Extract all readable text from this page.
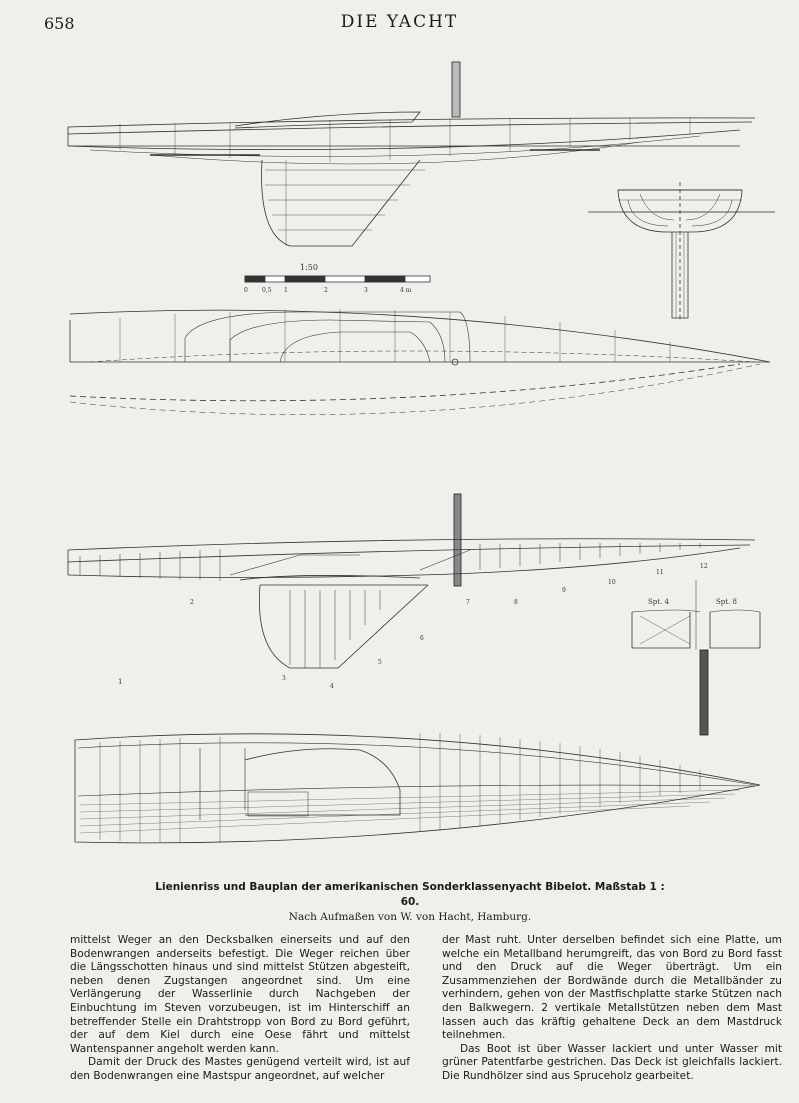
658	DIE YACHT
1:50
0 0,5 1	2	3	4 m
Spt. 4	Spt. 8
1
2
3
4
5
6
7	8
9
10
11
12
Lienienriss und Bauplan der amerikanischen Sonderklassenyacht Bibelot. Maßstab 1 : 60.
Nach Aufmaßen von W. von Hacht, Hamburg.

mittelst Weger an den Decksbalken einerseits und auf den Bodenwrangen anderseits befestigt. Die Weger reichen über die Längsschotten hinaus und sind mittelst Stützen abgesteift, neben denen Zugstangen angeordnet sind. Um eine Verlängerung der Wasserlinie durch Nachgeben der Einbuchtung im Steven vorzubeugen, ist im Hinterschiff an betreffender Stelle ein Drahtstropp von Bord zu Bord geführt, der auf dem Kiel durch eine Oese fährt und mittelst Wantenspanner angeholt werden kann.

Damit der Druck des Mastes genügend verteilt wird, ist auf den Bodenwrangen eine Mastspur angeordnet, auf welcher

der Mast ruht. Unter derselben befindet sich eine Platte, um welche ein Metallband herumgreift, das von Bord zu Bord fasst und den Druck auf die Weger überträgt. Um ein Zusammenziehen der Bordwände durch die Metallbänder zu verhindern, gehen von der Mastfischplatte starke Stützen nach den Balkwegern. 2 vertikale Metallstützen neben dem Mast lassen auch das kräftig gehaltene Deck an dem Mastdruck teilnehmen.

Das Boot ist über Wasser lackiert und unter Wasser mit grüner Patentfarbe gestrichen. Das Deck ist gleichfalls lackiert. Die Rundhölzer sind aus Spruceholz gearbeitet.
